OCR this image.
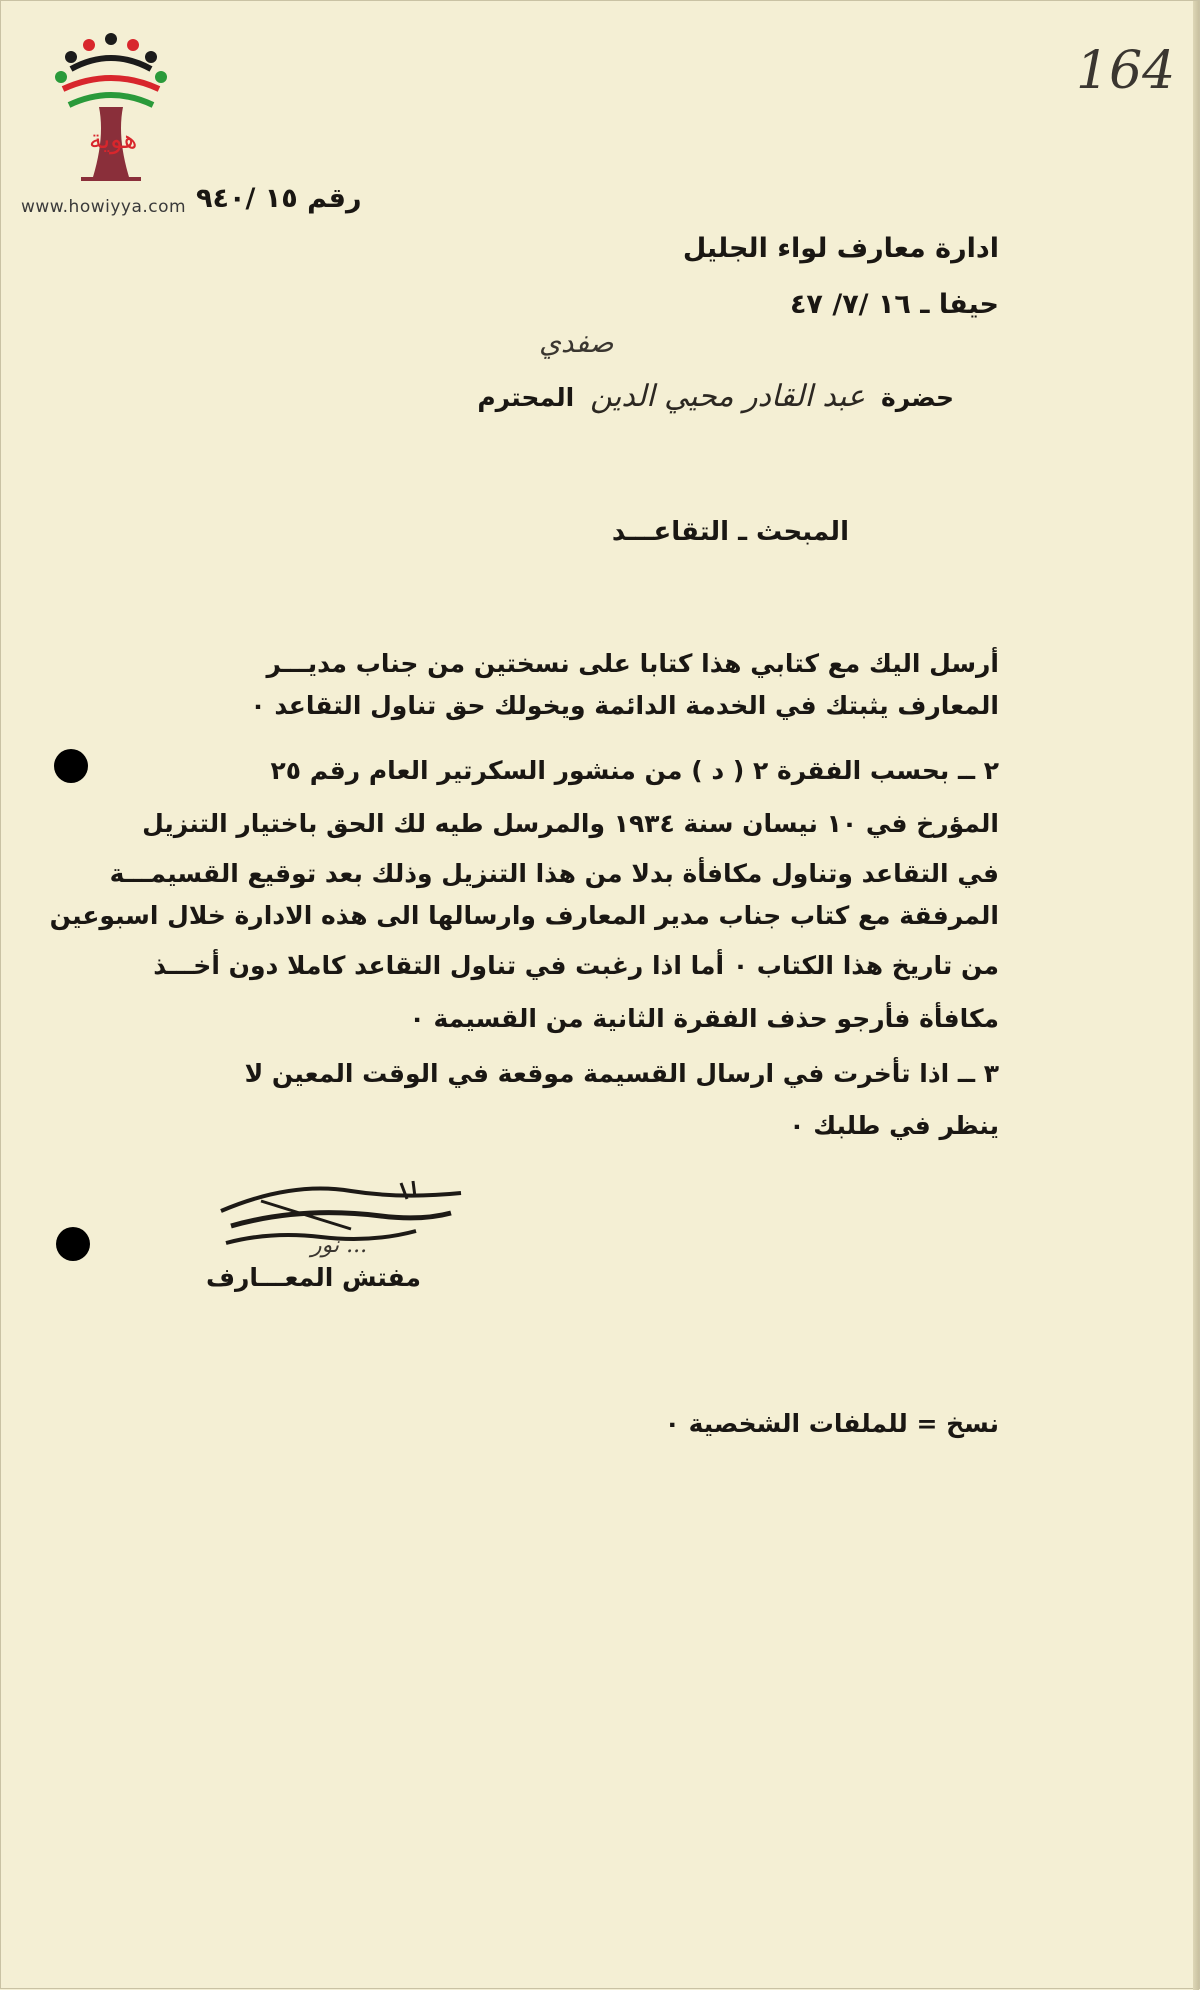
هوية
www.howiyya.com
164
رقم ١٥ /٩٤٠
ادارة معارف لواء الجليل
حيفا ـ ١٦ /٧/ ٤٧
صفدي
حضرة
عبد القادر محيي الدين
المحترم
المبحث ـ التقاعـــد
أرسل اليك مع كتابي هذا كتابا على نسختين من جناب مديـــر
المعارف يثبتك في الخدمة الدائمة ويخولك حق تناول التقاعد ٠
٢ ــ بحسب الفقرة ٢ ( د ) من منشور السكرتير العام رقم ٢٥
المؤرخ في ١٠ نيسان سنة ١٩٣٤ والمرسل طيه لك الحق باختيار التنزيل
في التقاعد وتناول مكافأة بدلا من هذا التنزيل وذلك بعد توقيع القسيمـــة
المرفقة مع كتاب جناب مدير المعارف وارسالها الى هذه الادارة خلال اسبوعين
من تاريخ هذا الكتاب ٠ أما اذا رغبت في تناول التقاعد كاملا دون أخـــذ
مكافأة فأرجو حذف الفقرة الثانية من القسيمة ٠
٣ ــ اذا تأخرت في ارسال القسيمة موقعة في الوقت المعين لا
ينظر في طلبك ٠
نور ...
مفتش المعـــارف
نسخ = للملفات الشخصية ٠
